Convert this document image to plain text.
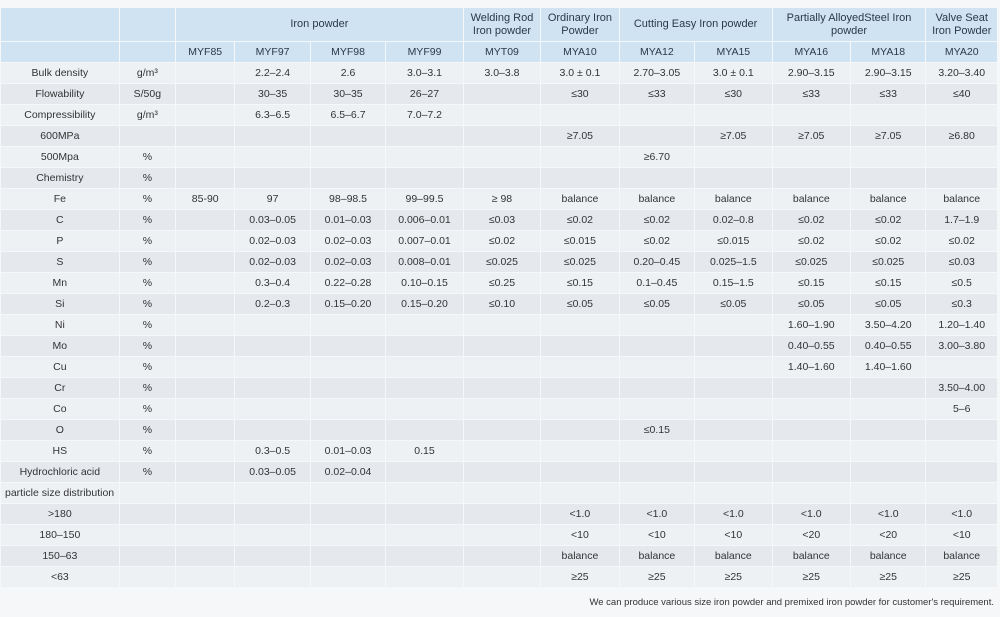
		Iron powder				Welding Rod Iron powder	Ordinary Iron Powder	Cutting Easy Iron powder		Partially AlloyedSteel Iron powder		Valve Seat Iron Powder
		MYF85	MYF97	MYF98	MYF99	MYT09	MYA10	MYA12	MYA15	MYA16	MYA18	MYA20
Bulk density	g/m³		2.2–2.4	2.6	3.0–3.1	3.0–3.8	3.0 ± 0.1	2.70–3.05	3.0 ± 0.1	2.90–3.15	2.90–3.15	3.20–3.40
Flowability	S/50g		30–35	30–35	26–27		≤30	≤33	≤30	≤33	≤33	≤40
Compressibility	g/m³		6.3–6.5	6.5–6.7	7.0–7.2							
600MPa							≥7.05		≥7.05	≥7.05	≥7.05	≥6.80
500Mpa	%							≥6.70				
Chemistry	%											
Fe	%	85-90	97	98–98.5	99–99.5	≥ 98	balance	balance	balance	balance	balance	balance
C	%		0.03–0.05	0.01–0.03	0.006–0.01	≤0.03	≤0.02	≤0.02	0.02–0.8	≤0.02	≤0.02	1.7–1.9
P	%		0.02–0.03	0.02–0.03	0.007–0.01	≤0.02	≤0.015	≤0.02	≤0.015	≤0.02	≤0.02	≤0.02
S	%		0.02–0.03	0.02–0.03	0.008–0.01	≤0.025	≤0.025	0.20–0.45	0.025–1.5	≤0.025	≤0.025	≤0.03
Mn	%		0.3–0.4	0.22–0.28	0.10–0.15	≤0.25	≤0.15	0.1–0.45	0.15–1.5	≤0.15	≤0.15	≤0.5
Si	%		0.2–0.3	0.15–0.20	0.15–0.20	≤0.10	≤0.05	≤0.05	≤0.05	≤0.05	≤0.05	≤0.3
Ni	%									1.60–1.90	3.50–4.20	1.20–1.40
Mo	%									0.40–0.55	0.40–0.55	3.00–3.80
Cu	%									1.40–1.60	1.40–1.60	
Cr	%											3.50–4.00
Co	%											5–6
O	%							≤0.15				
HS	%		0.3–0.5	0.01–0.03	0.15							
Hydrochloric acid	%		0.03–0.05	0.02–0.04								
particle size distribution												
>180							<1.0	<1.0	<1.0	<1.0	<1.0	<1.0
180–150							<10	<10	<10	<20	<20	<10
150–63							balance	balance	balance	balance	balance	balance
<63							≥25	≥25	≥25	≥25	≥25	≥25
We can produce various size iron powder and premixed iron powder for customer's requirement.
